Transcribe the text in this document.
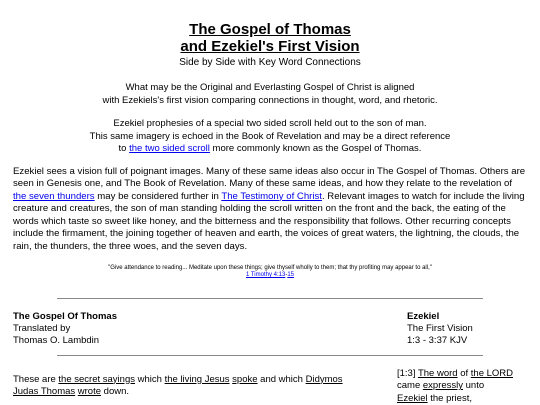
The Gospel of Thomas
and Ezekiel's First Vision

Side by Side with Key Word Connections

What may be the Original and Everlasting Gospel of Christ is aligned
with Ezekiels's first vision comparing connections in thought, word, and rhetoric.

Ezekiel prophesies of a special two sided scroll held out to the son of man.
This same imagery is echoed in the Book of Revelation and may be a direct reference
to the two sided scroll more commonly known as the Gospel of Thomas.

Ezekiel sees a vision full of poignant images. Many of these same ideas also occur in The Gospel of Thomas. Others are seen in Genesis one, and The Book of Revelation. Many of these same ideas, and how they relate to the revelation of the seven thunders may be considered further in The Testimony of Christ. Relevant images to watch for include the living creature and creatures, the son of man standing holding the scroll written on the front and the back, the eating of the words which taste so sweet like honey, and the bitterness and the responsibility that follows. Other recurring concepts include the firmament, the joining together of heaven and earth, the voices of great waters, the lightning, the clouds, the rain, the thunders, the three woes, and the seven days.

"Give attendance to reading... Meditate upon these things; give thyself wholly to them; that thy profiting may appear to all,"
1 Timothy 4:13-15

The Gospel Of Thomas
Translated by
Thomas O. Lambdin
Ezekiel
The First Vision
1:3 - 3:37 KJV
These are the secret sayings which the living Jesus spoke and which Didymos Judas Thomas wrote down.
[1:3] The word of the LORD
came expressly unto
Ezekiel the priest,
